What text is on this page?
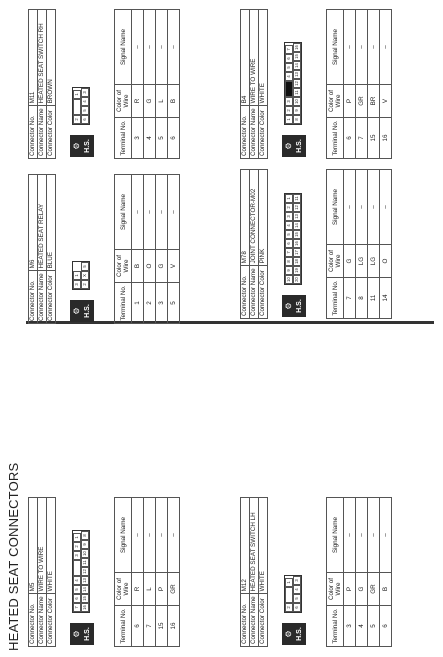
HEATED SEAT CONNECTORS Connector No.	M5
Connector Name	WIRE TO WIRE
Connector Color	WHITE
⚙ H.S.
7
6
5
4
3
2
1
16
15
14
13
12
11
10
9
8
Terminal No.	Color of Wire	Signal Name
6	R	–
7	L	–
15	P	–
16	GR	–
Connector No.	M6
Connector Name	HEATED SEAT RELAY
Connector Color	BLUE
⚙ H.S.
3
1
2
X
5
Terminal No.	Color of Wire	Signal Name
1	B	–
2	O	–
3	G	–
5	V	–
Connector No.	M11
Connector Name	HEATED SEAT SWITCH RH
Connector Color	BROWN
⚙ H.S.
2
1
6
5
4
3
Terminal No.	Color of Wire	Signal Name
3	R	–
4	G	–
5	L	–
6	B	–
Connector No.	M12
Connector Name	HEATED SEAT SWITCH LH
Connector Color	WHITE
⚙ H.S.
2
1
6
5
4
3
Terminal No.	Color of Wire	Signal Name
3	P	–
4	G	–
5	GR	–
6	B	–
Connector No.	M78
Connector Name	JOINT CONNECTOR-M02
Connector Color	PINK
⚙ H.S.
10
9
8
7
6
5
4
3
2
1
20
19
18
17
16
15
14
13
12
11
Terminal No.	Color of Wire	Signal Name
7	G	–
8	LG	–
11	LG	–
14	O	–
Connector No.	B4
Connector Name	WIRE TO WIRE
Connector Color	WHITE
⚙ H.S.
1
2
3
4
5
6
7
8
9
10
11
12
13
14
15
16
Terminal No.	Color of Wire	Signal Name
6	P	–
7	GR	–
15	BR	–
16	V	–
